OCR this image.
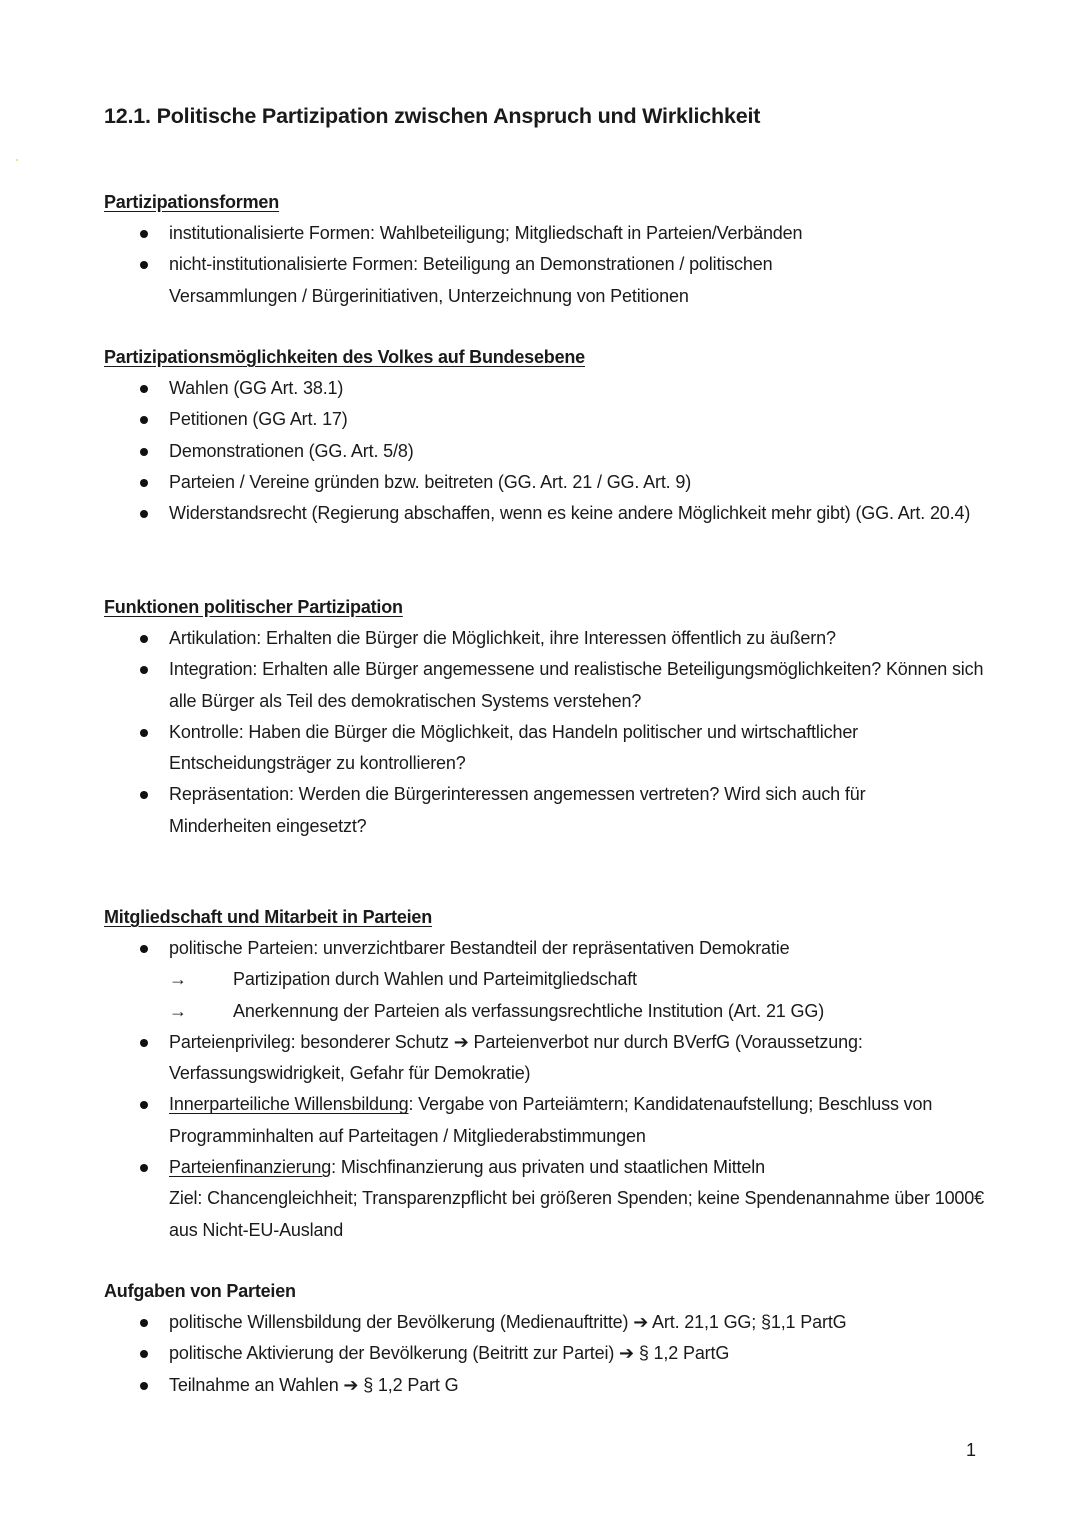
12.1. Politische Partizipation zwischen Anspruch und Wirklichkeit
Partizipationsformen
institutionalisierte Formen: Wahlbeteiligung; Mitgliedschaft in Parteien/Verbänden
nicht-institutionalisierte Formen: Beteiligung an Demonstrationen / politischen Versammlungen / Bürgerinitiativen, Unterzeichnung von Petitionen
Partizipationsmöglichkeiten des Volkes auf Bundesebene
Wahlen (GG Art. 38.1)
Petitionen (GG Art. 17)
Demonstrationen (GG. Art. 5/8)
Parteien / Vereine gründen bzw. beitreten (GG. Art. 21 / GG. Art. 9)
Widerstandsrecht (Regierung abschaffen, wenn es keine andere Möglichkeit mehr gibt) (GG. Art. 20.4)
Funktionen politischer Partizipation
Artikulation: Erhalten die Bürger die Möglichkeit, ihre Interessen öffentlich zu äußern?
Integration: Erhalten alle Bürger angemessene und realistische Beteiligungsmöglichkeiten? Können sich alle Bürger als Teil des demokratischen Systems verstehen?
Kontrolle: Haben die Bürger die Möglichkeit, das Handeln politischer und wirtschaftlicher Entscheidungsträger zu kontrollieren?
Repräsentation: Werden die Bürgerinteressen angemessen vertreten? Wird sich auch für Minderheiten eingesetzt?
Mitgliedschaft und Mitarbeit in Parteien
politische Parteien: unverzichtbarer Bestandteil der repräsentativen Demokratie
→	Partizipation durch Wahlen und Parteimitgliedschaft
→	Anerkennung der Parteien als verfassungsrechtliche Institution (Art. 21 GG)
Parteienprivileg: besonderer Schutz ➔ Parteienverbot nur durch BVerfG (Voraussetzung: Verfassungswidrigkeit, Gefahr für Demokratie)
Innerparteiliche Willensbildung: Vergabe von Parteiämtern; Kandidatenaufstellung; Beschluss von Programminhalten auf Parteitagen / Mitgliederabstimmungen
Parteienfinanzierung: Mischfinanzierung aus privaten und staatlichen Mitteln
Ziel: Chancengleichheit; Transparenzpflicht bei größeren Spenden; keine Spendenannahme über 1000€ aus Nicht-EU-Ausland
Aufgaben von Parteien
politische Willensbildung der Bevölkerung (Medienauftritte) ➔ Art. 21,1 GG; §1,1 PartG
politische Aktivierung der Bevölkerung (Beitritt zur Partei) ➔ § 1,2 PartG
Teilnahme an Wahlen ➔ § 1,2 Part G
1
